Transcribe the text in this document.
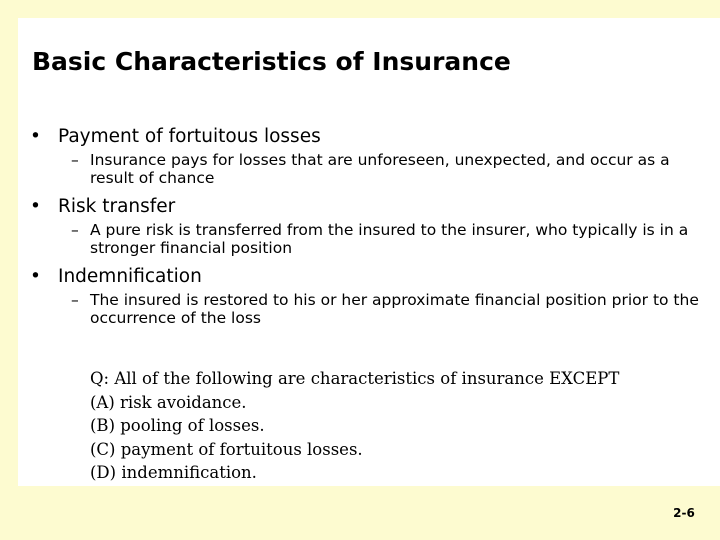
Basic Characteristics of Insurance
• Payment of fortuitous losses
– Insurance pays for losses that are unforeseen, unexpected, and occur as a result of chance
• Risk transfer
– A pure risk is transferred from the insured to the insurer, who typically is in a stronger financial position
• Indemnification
– The insured is restored to his or her approximate financial position prior to the occurrence of the loss
Q: All of the following are characteristics of insurance EXCEPT
(A) risk avoidance.
(B) pooling of losses.
(C) payment of fortuitous losses.
(D) indemnification.
2-6
